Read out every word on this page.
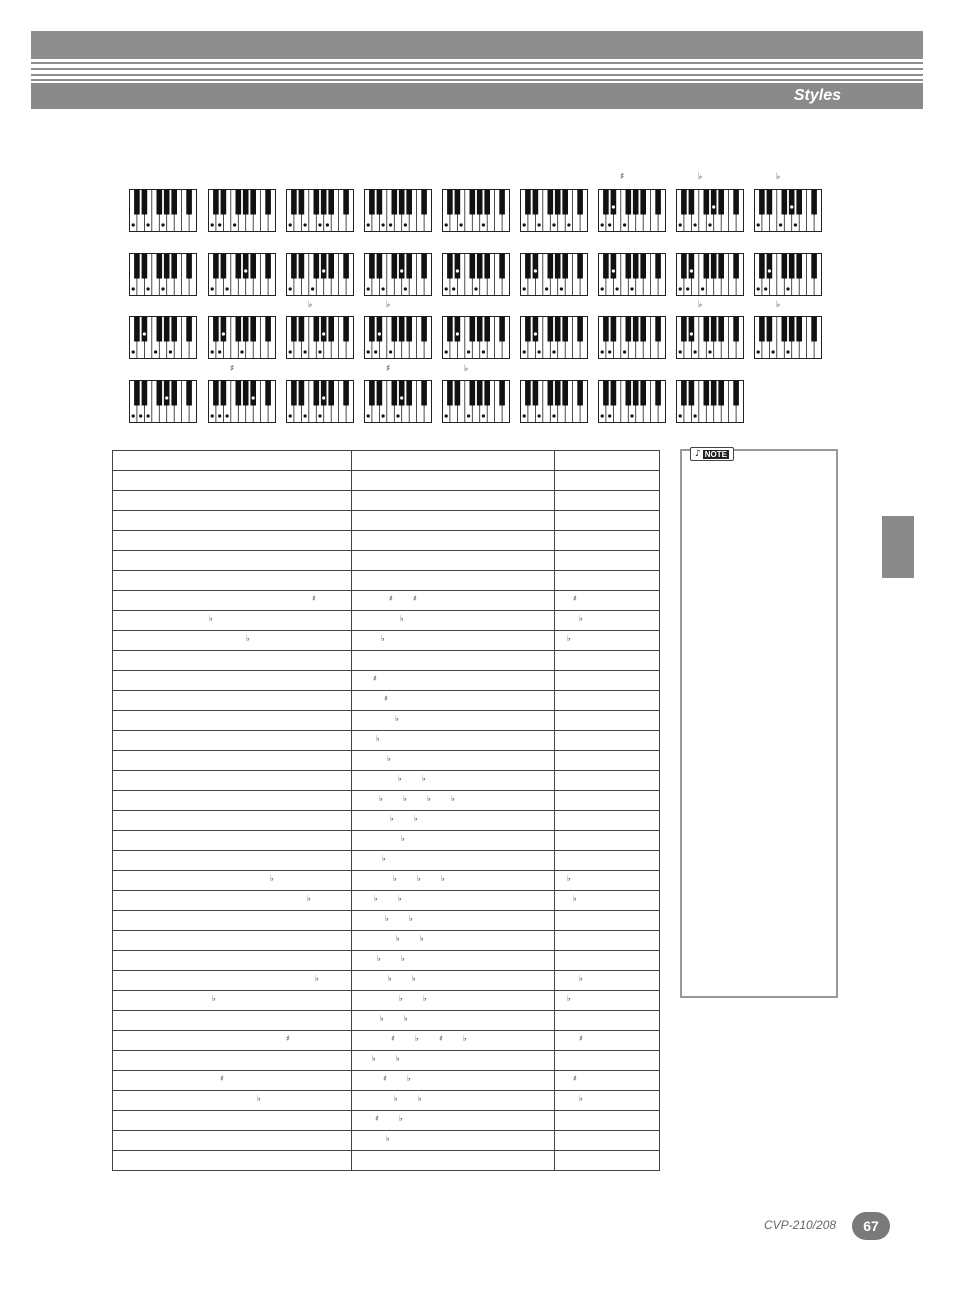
Styles
♯	♭	♭
♭	♭	♭	♭
♯	♯	♭

♯	♯ ♯	♯

♭	♭	♭

♭	♭	♭

	♯	

	♯	

	♭	

	♭	

	♭	

	♭ ♭	

	♭ ♭ ♭ ♭	

	♭ ♭	

	♭	

	♭	

♭	♭ ♭ ♭	♭

♭	♭ ♭	♭

	♭ ♭	

	♭ ♭	

	♭ ♭	

♭	♭ ♭	♭

♭	♭ ♭	♭

	♭ ♭	

♯	♯ ♭ ♯ ♭	♯

	♭ ♭	

♯	♯ ♭	♯

♭	♭ ♭	♭

	♯ ♭	

	♭	

♪ NOTE
CVP-210/208	67
